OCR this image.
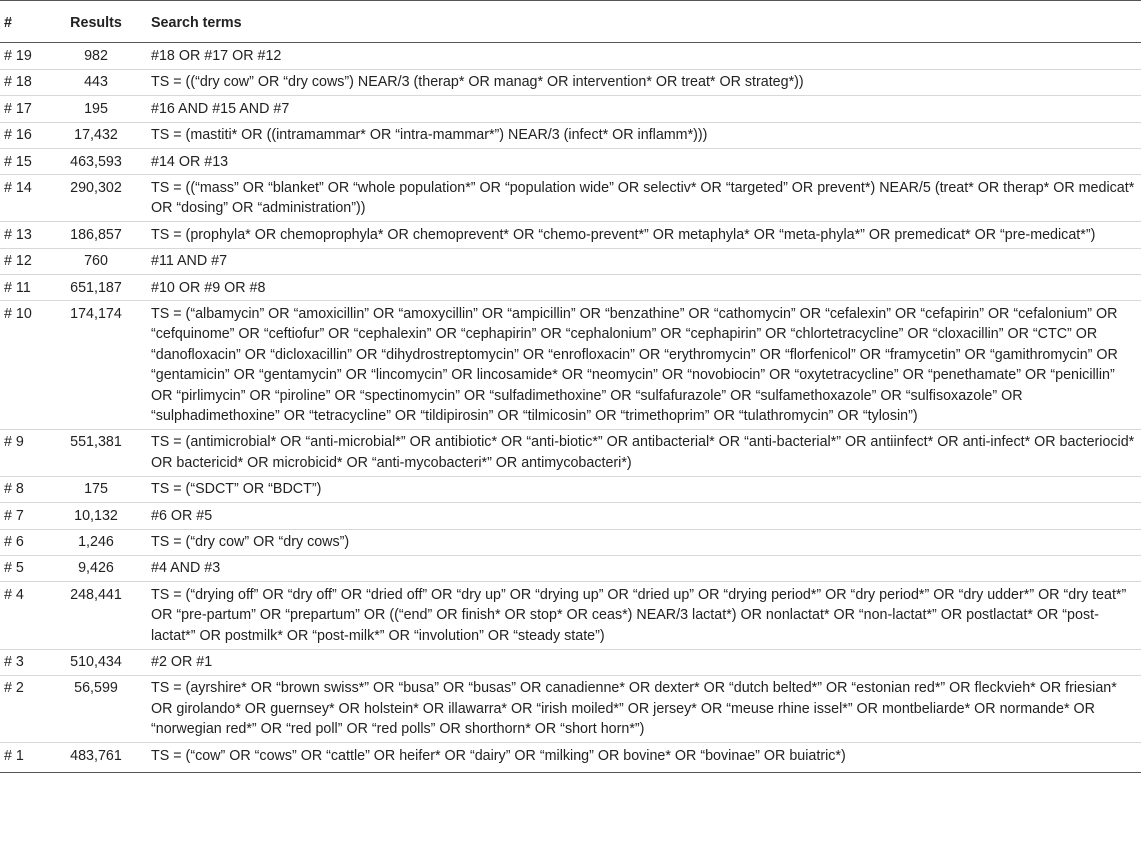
#	Results	Search terms
# 19	982	#18 OR #17 OR #12
# 18	443	TS = ((“dry cow” OR “dry cows”) NEAR/3 (therap* OR manag* OR intervention* OR treat* OR strateg*))
# 17	195	#16 AND #15 AND #7
# 16	17,432	TS = (mastiti* OR ((intramammar* OR “intra-mammar*”) NEAR/3 (infect* OR inflamm*)))
# 15	463,593	#14 OR #13
# 14	290,302	TS = ((“mass” OR “blanket” OR “whole population*” OR “population wide” OR selectiv* OR “targeted” OR prevent*) NEAR/5 (treat* OR therap* OR medicat* OR “dosing” OR “administration”))
# 13	186,857	TS = (prophyla* OR chemoprophyla* OR chemoprevent* OR “chemo-prevent*” OR metaphyla* OR “meta-phyla*” OR premedicat* OR “pre-medicat*”)
# 12	760	#11 AND #7
# 11	651,187	#10 OR #9 OR #8
# 10	174,174	TS = (“albamycin” OR “amoxicillin” OR “amoxycillin” OR “ampicillin” OR “benzathine” OR “cathomycin” OR “cefalexin” OR “cefapirin” OR “cefalonium” OR “cefquinome” OR “ceftiofur” OR “cephalexin” OR “cephapirin” OR “cephalonium” OR “cephapirin” OR “chlortetracycline” OR “cloxacillin” OR “CTC” OR “danofloxacin” OR “dicloxacillin” OR “dihydrostreptomycin” OR “enrofloxacin” OR “erythromycin” OR “florfenicol” OR “framycetin” OR “gamithromycin” OR “gentamicin” OR “gentamycin” OR “lincomycin” OR lincosamide* OR “neomycin” OR “novobiocin” OR “oxytetracycline” OR “penethamate” OR “penicillin” OR “pirlimycin” OR “piroline” OR “spectinomycin” OR “sulfadimethoxine” OR “sulfafurazole” OR “sulfamethoxazole” OR “sulfisoxazole” OR “sulphadimethoxine” OR “tetracycline” OR “tildipirosin” OR “tilmicosin” OR “trimethoprim” OR “tulathromycin” OR “tylosin”)
# 9	551,381	TS = (antimicrobial* OR “anti-microbial*” OR antibiotic* OR “anti-biotic*” OR antibacterial* OR “anti-bacterial*” OR antiinfect* OR anti-infect* OR bacteriocid* OR bactericid* OR microbicid* OR “anti-mycobacteri*” OR antimycobacteri*)
# 8	175	TS = (“SDCT” OR “BDCT”)
# 7	10,132	#6 OR #5
# 6	1,246	TS = (“dry cow” OR “dry cows”)
# 5	9,426	#4 AND #3
# 4	248,441	TS = (“drying off” OR “dry off” OR “dried off” OR “dry up” OR “drying up” OR “dried up” OR “drying period*” OR “dry period*” OR “dry udder*” OR “dry teat*” OR “pre-partum” OR “prepartum” OR ((“end” OR finish* OR stop* OR ceas*) NEAR/3 lactat*) OR nonlactat* OR “non-lactat*” OR postlactat* OR “post-lactat*” OR postmilk* OR “post-milk*” OR “involution” OR “steady state”)
# 3	510,434	#2 OR #1
# 2	56,599	TS = (ayrshire* OR “brown swiss*” OR “busa” OR “busas” OR canadienne* OR dexter* OR “dutch belted*” OR “estonian red*” OR fleckvieh* OR friesian* OR girolando* OR guernsey* OR holstein* OR illawarra* OR “irish moiled*” OR jersey* OR “meuse rhine issel*” OR montbeliarde* OR normande* OR “norwegian red*” OR “red poll” OR “red polls” OR shorthorn* OR “short horn*”)
# 1	483,761	TS = (“cow” OR “cows” OR “cattle” OR heifer* OR “dairy” OR “milking” OR bovine* OR “bovinae” OR buiatric*)
